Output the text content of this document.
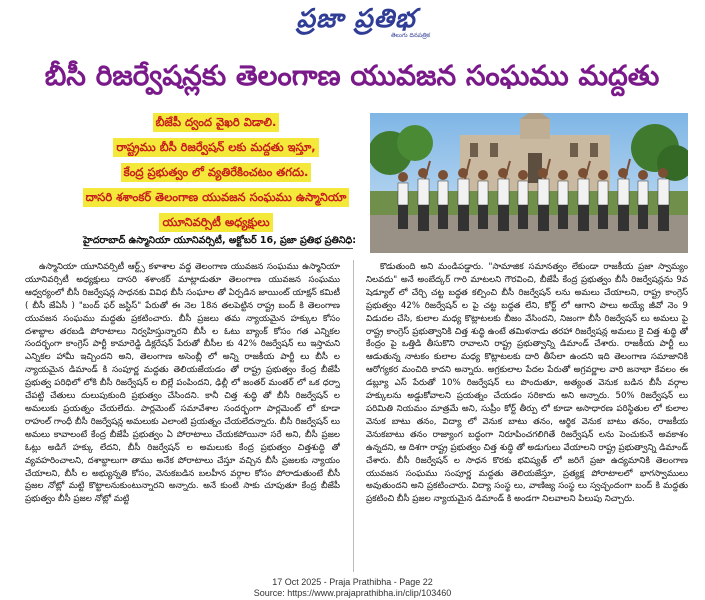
ప్రజా ప్రతిభ
తెలుగు దినపత్రిక
బీసీ రిజర్వేషన్లకు తెలంగాణ యువజన సంఘము మద్దతు
బీజేపీ ద్వంద వైఖరి విడాలి.
రాష్ట్రము బీసీ రిజర్వేషన్ లకు మద్దతు ఇస్తూ,
కేంద్ర ప్రభుత్వం లో వ్యతిరేకించటం తగదు.
దాసరి శశాంకర్ తెలంగాణ యువజన సంఘము ఉస్మానియా
యూనివర్సిటీ అధ్యక్షులు
హైదరాబాద్ ఉస్మానియా యూనివర్సిటీ, అక్టోబర్ 16, ప్రజా ప్రతిభ ప్రతినిధి:

ఉస్మానియా యూనివర్సిటీ ఆర్ట్స్ కళాశాల వద్ద తెలంగాణ యువజన సంఘము ఉస్మానియా యూనివర్సిటీ అధ్యక్షులు దాసరి శశాంకర్ మాట్లాడుతూ తెలంగాణ యువజన సంఘము ఆధ్వర్యంలో బీసీ రిజర్వేషన్ల సాధనకు వివిధ బీసీ సంఘాల తో ఏర్పడిన జాయింట్ యాక్షన్ కమిటీ ( బీసీ జేఏసీ ) "బంద్ ఫర్ జస్టిస్" పేరుతో ఈ నెల 18న తలపెట్టిన రాష్ట్ర బంద్ కి తెలంగాణ యువజన సంఘము మద్దతు ప్రకటించారు. బీసీ ప్రజలు తమ న్యాయమైన హక్కుల కోసం దశాబ్దాల తరబడి పోరాటాలు నిర్వహిస్తున్నారని బీసీ ల ఓటు బ్యాంక్ కోసం గత ఎన్నికల సందర్భంగా కాంగ్రెస్ పార్టీ కామారెడ్డి డిక్లరేషన్ పేరుతో బీసీల కు 42% రిజర్వేషన్ లు ఇస్తామని ఎన్నికల హామీ ఇచ్చిందని అని, తెలంగాణ అసెంబ్లీ లో అన్ని రాజకీయ పార్టీ లు బీసీ ల న్యాయమైన డిమాండ్ కి సంపూర్ణ మద్దతు తెలియజేయడం తో రాష్ట్ర ప్రభుత్వం కేంద్ర బీజేపీ ప్రభుత్వ పరిధిలో లోకి బీసీ రిజర్వేషన్ ల బిల్లే పంపిందని, ఢిల్లీ లో జంతర్ మంతర్ లో ఒక ధర్నా చేపట్టి చేతులు దులుపుకుంది ప్రభుత్వం చేసిందని. కానీ చిత్త శుద్ధి తో బీసీ రిజర్వేషన్ ల అమలుకు ప్రయత్నం చేయలేదు. పార్లమెంట్ సమావేశాల సందర్భంగా పార్లమెంట్ లో కూడా రాహుల్ గాంధీ బీసీ రిజర్వేషన్ల అమలుకు ఎలాంటి ప్రయత్నం చేయలేదన్నారు. బీసీ రిజర్వేషన్ లు అమలు కావాలంటే కేంద్ర బీజేపీ ప్రభుత్వం ఏ పోరాటాలు చేయకపోయినా సరే అని, బీసీ ప్రజల ఓట్లు అడిగే హక్కు లేదని, బీసీ రిజర్వేషన్ ల అమలుకు కేంద్ర ప్రభుత్వం చిత్తశుద్ధి తో వ్యవహరించాలని, దశాబ్దాలుగా తాము అనేక పోరాటాలు చేస్తూ వచ్చిన బీసీ ప్రజలకు న్యాయం చేయాలని, బీసీ ల అభ్యున్నతి కోసం, వెనుకబడిన బలహీన వర్గాల కోసం పోరాడుతుంటే బీసీ ప్రజల నోట్లో మట్టి కొట్టాలనుకుంటున్నారని అన్నారు. అనే కుంటి సాకు చూపుతూ కేంద్ర బీజేపీ ప్రభుత్వం బీసీ ప్రజల నోట్లో మట్టి

కొడుతుంది అని మండిపడ్డారు. "సామాజిక సమానత్వం లేకుండా రాజకీయ ప్రజా స్వామ్యం నిలవదు" అనే అంబేద్కర్ గారి మాటలని గౌరవించి, బీజేపీ కేంద్ర ప్రభుత్వం బీసీ రిజర్వేషన్లను 9వ షెడ్యూల్ లో చేర్చి చట్ట బద్ధత కల్పించి బీసీ రిజర్వేషన్ లను అమలు చేయాలని, రాష్ట్ర కాంగ్రెస్ ప్రభుత్వం 42% రిజర్వేషన్ ల పై చట్ట బద్ధత లేని, కోర్ట్ లో ఆగాని పాలు అయ్యే జీవో నెం 9 విడుదల చేసి, కులాల మధ్య కొట్లాటలకు బీజం వేసిందని, నిజంగా బీసీ రిజర్వేషన్ లు అమలు పై రాష్ట్ర కాంగ్రెస్ ప్రభుత్వానికి చిత్త శుద్ధి ఉంటే తమిళనాడు తరహా రిజర్వేషన్ల అమలు కై చిత్త శుద్ధి తో కేంద్రం పై ఒత్తిడి తీసుకొని రావాలని రాష్ట్ర ప్రభుత్వాన్ని డిమాండ్ చేశారు. రాజకీయ పార్టీ లు ఆడుతున్న నాటకం కులాల మధ్య కొట్లాటలకు దారి తీసేలా ఉందని ఇది తెలంగాణ సమాజానికి ఆరోగ్యకర మంచిది కాదని అన్నారు. అగ్రకులాల పేదల పేరుతో అగ్రవర్ణాల వారి జనాభా కేవలం ఈ డబ్ల్యూ ఎస్ పేరుతో 10% రిజర్వేషన్ లు పొందుతూ, అత్యంత వెనుక బడిన బీసీ వర్గాల హక్కులను అడ్డుకోవాలని ప్రయత్నం చేయడం సరికాదు అని అన్నారు. 50% రిజర్వేషన్ లు పరిమితి నియమం మాత్రమే అని, సుప్రీం కోర్ట్ తీర్పు లో కూడా అసాధారణ పరిస్థితుల లో కులాల వెనుక బాటు తనం, విద్యా లో వెనుక బాటు తనం, ఆర్థిక వెనుక బాటు తనం, రాజకీయ వెనుకబాటు తనం రాజ్యాంగ బద్ధంగా నిరూపించగలిగితే రిజర్వేషన్ లను పెంచుకునే అవకాశం ఉన్నదని, ఆ దిశగా రాష్ట్ర ప్రభుత్వం చిత్త శుద్ధి తో అడుగులు వేయాలని రాష్ట్ర ప్రభుత్వాన్ని డిమాండ్ చేశారు. బీసీ రిజర్వేషన్ ల సాధన కొరకు భవిష్యత్ లో జరిగే ప్రజా ఉద్యమానికి తెలంగాణ యువజన సంఘము సంపూర్ణ మద్దతు తెలియజేస్తూ, ప్రత్యక్ష పోరాటాలలో భాగస్వాములు అవుతుందని అని ప్రకటించారు. విద్యా సంస్థ లు, వాణిజ్య సంస్థ లు స్వచ్ఛందంగా బంద్ కి మద్దతు ప్రకటించి బీసీ ప్రజల న్యాయమైన డిమాండ్ కి అండగా నిలవాలని పిలుపు నిచ్చారు.

17 Oct 2025 - Praja Prathibha - Page 22
Source: https://www.prajaprathibha.in/clip/103460
